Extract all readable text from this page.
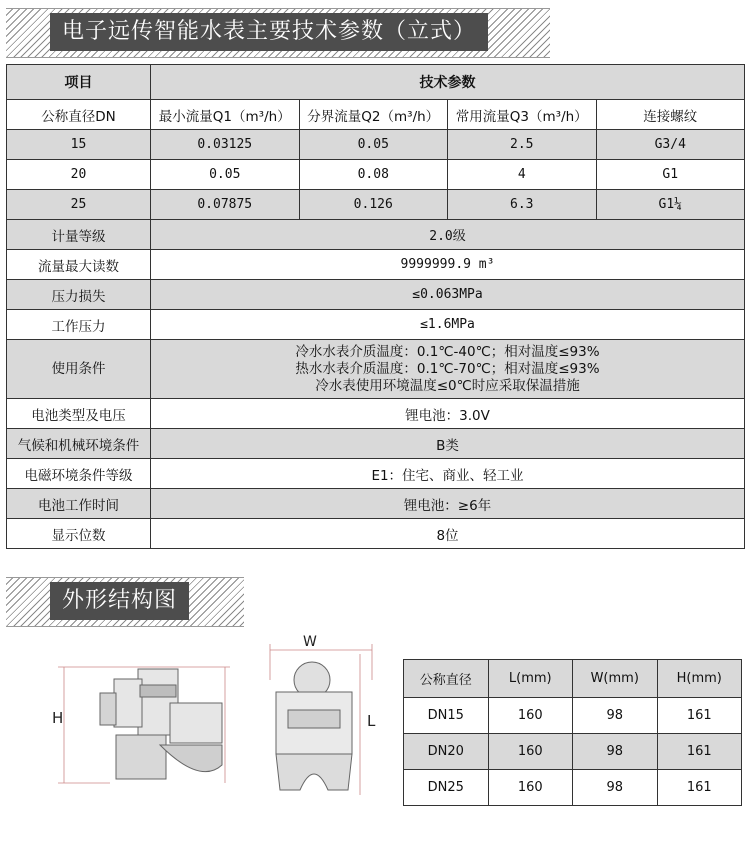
电子远传智能水表主要技术参数（立式）
项目	技术参数			
公称直径DN	最小流量Q1（m³/h）	分界流量Q2（m³/h）	常用流量Q3（m³/h）	连接螺纹
15	0.03125	0.05	2.5	G3/4
20	0.05	0.08	4	G1
25	0.07875	0.126	6.3	G1¼
计量等级	2.0级			
流量最大读数	9999999.9 m³			
压力损失	≤0.063MPa			
工作压力	≤1.6MPa			
使用条件	冷水水表介质温度：0.1℃-40℃；相对温度≤93%
热水水表介质温度：0.1℃-70℃；相对温度≤93%
冷水表使用环境温度≤0℃时应采取保温措施			

电池类型及电压	锂电池：3.0V			
气候和机械环境条件	B类			
电磁环境条件等级	E1：住宅、商业、轻工业			
电池工作时间	锂电池：≥6年			
显示位数	8位			
外形结构图
H
W
L
公称直径	L(mm)	W(mm)	H(mm)
DN15	160	98	161
DN20	160	98	161
DN25	160	98	161
